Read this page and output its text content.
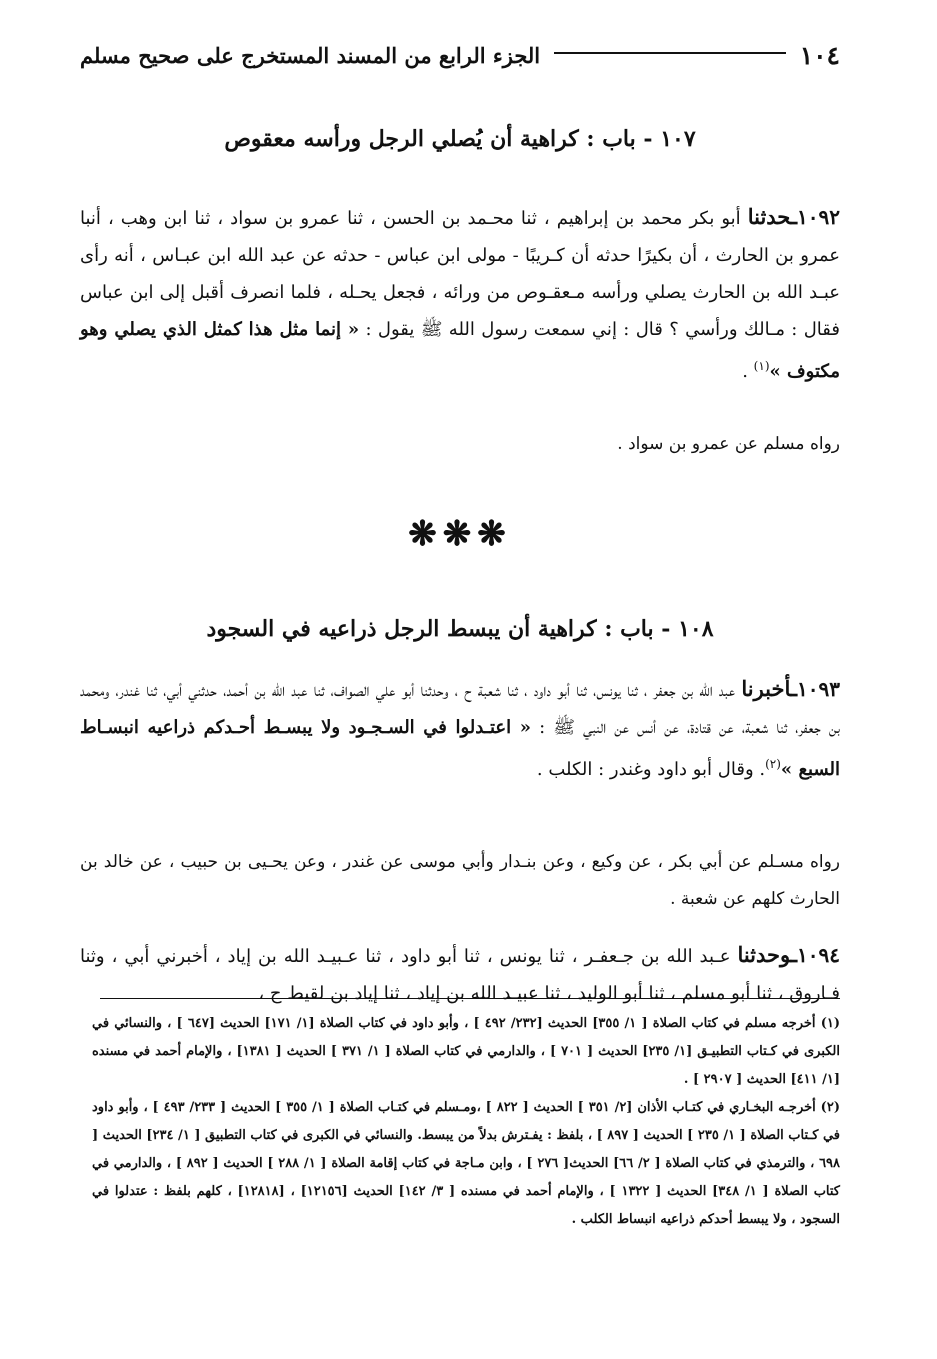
١٠٤
الجزء الرابع من المسند المستخرج على صحيح مسلم
١٠٧ - باب : كراهية أن يُصلي الرجل ورأسه معقوص

١٠٩٢ـحدثنا أبو بكر محمد بن إبراهيم ، ثنا محـمد بن الحسن ، ثنا عمرو بن سواد ، ثنا ابن وهب ، أنبا عمرو بن الحارث ، أن بكيرًا حدثه أن كـريبًا - مولى ابن عباس - حدثه عن عبد الله ابن عبـاس ، أنه رأى عبـد الله بن الحارث يصلي ورأسه مـعقـوص من ورائه ، فجعل يحـله ، فلما انصرف أقبل إلى ابن عباس فقال : مـالك ورأسي ؟ قال : إني سمعت رسول الله ﷺ يقول : « إنما مثل هذا كمثل الذي يصلي وهو مكتوف »$^{(١)}$ .

رواه مسلم عن عمرو بن سواد .

❋❋❋

١٠٨ - باب : كراهية أن يبسط الرجل ذراعيه في السجود

١٠٩٣ـأخبرنا عبد الله بن جعفر ، ثنا يونس، ثنا أبو داود ، ثنا شعبة ح ، وحدثنا أبو علي الصواف، ثنا عبد الله بن أحمد، حدثني أبي، ثنا غندر، ومحمد بن جعفر، ثنا شعبة، عن قتادة، عن أنس عن النبي ﷺ : « اعتـدلوا في السـجـود ولا يبسـط أحـدكم ذراعيه انبسـاط السبع »$^{(٢)}$. وقال أبو داود وغندر : الكلب .

رواه مسـلم عن أبي بكر ، عن وكيع ، وعن بنـدار وأبي موسى عن غندر ، وعن يحـيى بن حبيب ، عن خالد بن الحارث كلهم عن شعبة .

١٠٩٤ـوحدثنا عـبد الله بن جـعفـر ، ثنا يونس ، ثنا أبو داود ، ثنا عـبيـد الله بن إياد ، أخبرني أبي ، وثنا فـاروق ، ثنا أبو مسلم ، ثنا أبو الوليد ، ثنا عبيـد الله بن إياد ، ثنا إياد بن لقيط ح ،

(١) أخرجه مسلم في كتاب الصلاة [ ١/ ٣٥٥] الحديث [٢٣٢/ ٤٩٢ ] ، وأبو داود في كتاب الصلاة [١/ ١٧١] الحديث [٦٤٧ ] ، والنسائي في الكبرى في كـتاب التطبيـق [١/ ٢٣٥] الحديث [ ٧٠١ ] ، والدارمي في كتاب الصلاة [ ١/ ٣٧١ ] الحديث [ ١٣٨١] ، والإمام أحمد في مسنده [١/ ٤١١] الحديث [ ٢٩٠٧ ] .

(٢) أخرجـه البخـاري في كتـاب الأذان [٢/ ٣٥١ ] الحديث [ ٨٢٢ ] ،ومـسلم في كتـاب الصلاة [ ١/ ٣٥٥ ] الحديث [ ٢٣٣/ ٤٩٣ ] ، وأبو داود في كـتاب الصلاة [ ١/ ٢٣٥ ] الحديث [ ٨٩٧ ] ، بلفظ : يفـترش بدلاً من يبسط. والنسائي في الكبرى في كتاب التطبيق [ ١/ ٢٣٤] الحديث [ ٦٩٨ ، والترمذي في كتاب الصلاة [ ٢/ ٦٦] الحديث[ ٢٧٦ ] ، وابن مـاجة في كتاب إقامة الصلاة [ ١/ ٢٨٨ ] الحديث [ ٨٩٢ ] ، والدارمي في كتاب الصلاة [ ١/ ٣٤٨] الحديث [ ١٣٢٢ ] ، والإمام أحمد في مسنده [ ٣/ ١٤٢] الحديث [١٢١٥٦] ، [١٢٨١٨] ، كلهم بلفظ : عتدلوا في السجود ، ولا يبسط أحدكم ذراعيه انبساط الكلب .
